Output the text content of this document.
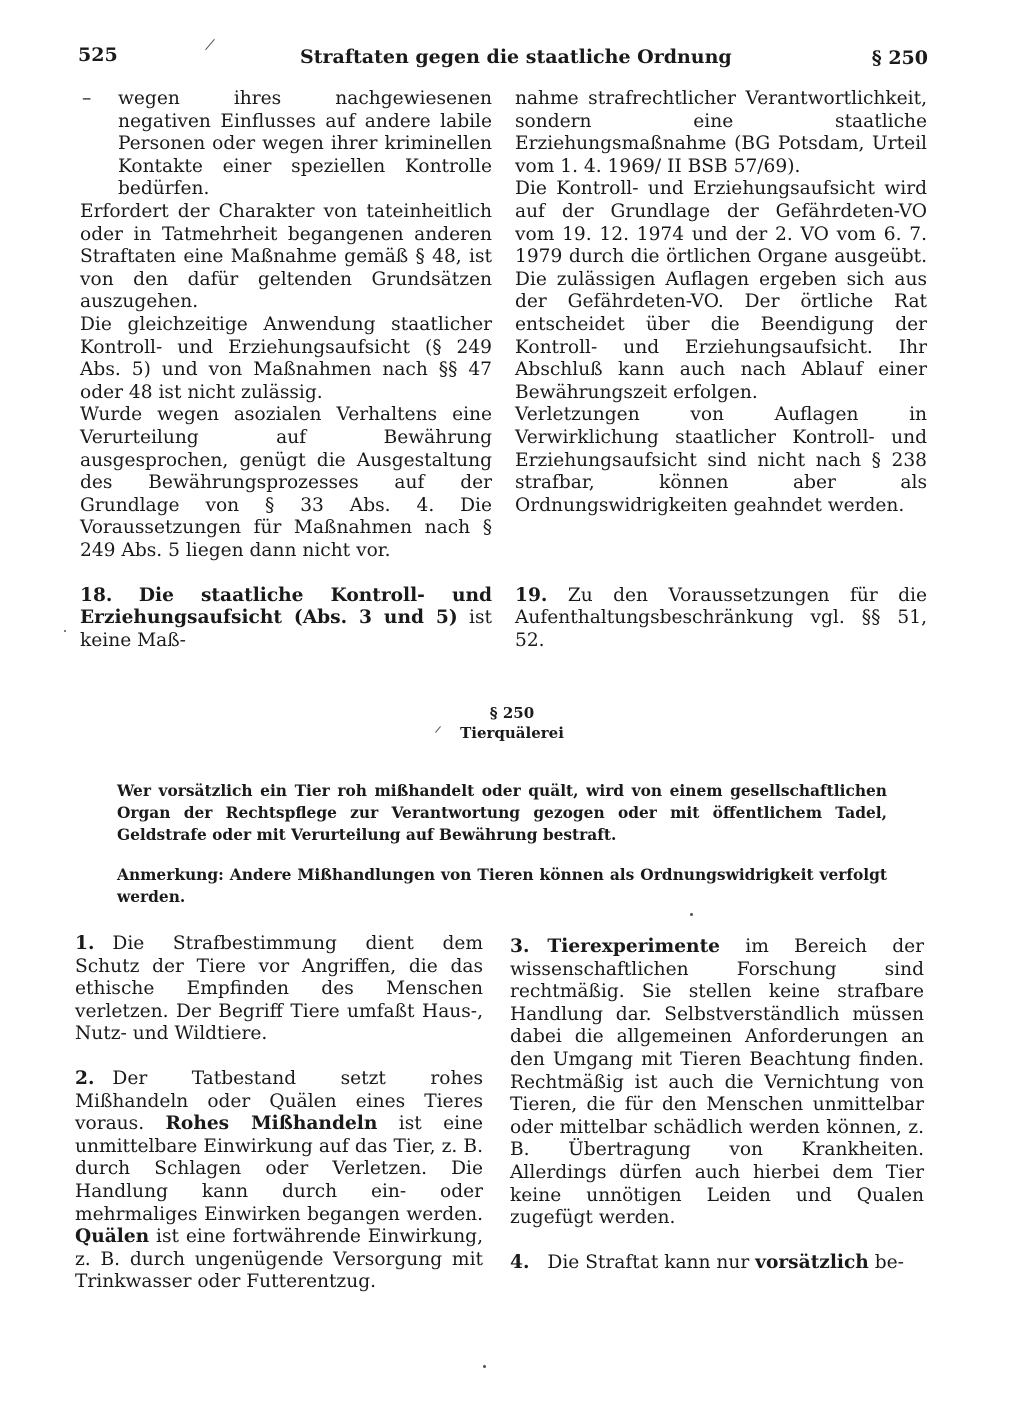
525	Straftaten gegen die staatliche Ordnung	§ 250

– wegen ihres nachgewiesenen negativen Einflusses auf andere labile Personen oder wegen ihrer kriminellen Kontakte einer speziellen Kontrolle bedürfen.

Erfordert der Charakter von tateinheitlich oder in Tatmehrheit begangenen anderen Straftaten eine Maßnahme gemäß § 48, ist von den dafür geltenden Grundsätzen auszugehen.

Die gleichzeitige Anwendung staatlicher Kontroll- und Erziehungsaufsicht (§ 249 Abs. 5) und von Maßnahmen nach §§ 47 oder 48 ist nicht zulässig.

Wurde wegen asozialen Verhaltens eine Verurteilung auf Bewährung ausgesprochen, genügt die Ausgestaltung des Bewährungsprozesses auf der Grundlage von § 33 Abs. 4. Die Voraussetzungen für Maßnahmen nach § 249 Abs. 5 liegen dann nicht vor.

nahme strafrechtlicher Verantwortlichkeit, sondern eine staatliche Erziehungsmaßnahme (BG Potsdam, Urteil vom 1. 4. 1969/ II BSB 57/69).

Die Kontroll- und Erziehungsaufsicht wird auf der Grundlage der Gefährdeten-VO vom 19. 12. 1974 und der 2. VO vom 6. 7. 1979 durch die örtlichen Organe ausgeübt. Die zulässigen Auflagen ergeben sich aus der Gefährdeten-VO. Der örtliche Rat entscheidet über die Beendigung der Kontroll- und Erziehungsaufsicht. Ihr Abschluß kann auch nach Ablauf einer Bewährungszeit erfolgen.

Verletzungen von Auflagen in Verwirklichung staatlicher Kontroll- und Erziehungsaufsicht sind nicht nach § 238 strafbar, können aber als Ordnungswidrigkeiten geahndet werden.

18. Die staatliche Kontroll- und Erziehungsaufsicht (Abs. 3 und 5) ist keine Maß-

19. Zu den Voraussetzungen für die Aufenthaltungsbeschränkung vgl. §§ 51, 52.

§ 250
Tierquälerei

Wer vorsätzlich ein Tier roh mißhandelt oder quält, wird von einem gesellschaftlichen Organ der Rechtspflege zur Verantwortung gezogen oder mit öffentlichem Tadel, Geldstrafe oder mit Verurteilung auf Bewährung bestraft.

Anmerkung: Andere Mißhandlungen von Tieren können als Ordnungswidrigkeit verfolgt werden.

1. Die Strafbestimmung dient dem Schutz der Tiere vor Angriffen, die das ethische Empfinden des Menschen verletzen. Der Begriff Tiere umfaßt Haus-, Nutz- und Wildtiere.

2. Der Tatbestand setzt rohes Mißhandeln oder Quälen eines Tieres voraus. Rohes Mißhandeln ist eine unmittelbare Einwirkung auf das Tier, z. B. durch Schlagen oder Verletzen. Die Handlung kann durch ein- oder mehrmaliges Einwirken begangen werden. Quälen ist eine fortwährende Einwirkung, z. B. durch ungenügende Versorgung mit Trinkwasser oder Futterentzug.

3. Tierexperimente im Bereich der wissenschaftlichen Forschung sind rechtmäßig. Sie stellen keine strafbare Handlung dar. Selbstverständlich müssen dabei die allgemeinen Anforderungen an den Umgang mit Tieren Beachtung finden. Rechtmäßig ist auch die Vernichtung von Tieren, die für den Menschen unmittelbar oder mittelbar schädlich werden können, z. B. Übertragung von Krankheiten. Allerdings dürfen auch hierbei dem Tier keine unnötigen Leiden und Qualen zugefügt werden.

4. Die Straftat kann nur vorsätzlich be-
